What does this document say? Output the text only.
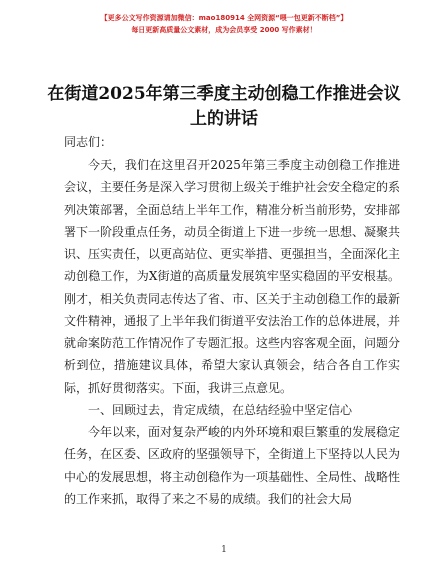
【更多公文写作资源请加微信：mao180914 全网资源“喂一包更新不断档”】
每日更新高质量公文素材，成为会员享受 2000 写作素材！
在街道2025年第三季度主动创稳工作推进会议上的讲话
同志们：

今天，我们在这里召开2025年第三季度主动创稳工作推进会议，主要任务是深入学习贯彻上级关于维护社会安全稳定的系列决策部署，全面总结上半年工作，精准分析当前形势，安排部署下一阶段重点任务，动员全街道上下进一步统一思想、凝聚共识、压实责任，以更高站位、更实举措、更强担当，全面深化主动创稳工作，为X街道的高质量发展筑牢坚实稳固的平安根基。刚才，相关负责同志传达了省、市、区关于主动创稳工作的最新文件精神，通报了上半年我们街道平安法治工作的总体进展，并就命案防范工作情况作了专题汇报。这些内容客观全面，问题分析到位，措施建议具体，希望大家认真领会，结合各自工作实际，抓好贯彻落实。下面，我讲三点意见。

一、回顾过去，肯定成绩，在总结经验中坚定信心

今年以来，面对复杂严峻的内外环境和艰巨繁重的发展稳定任务，在区委、区政府的坚强领导下，全街道上下坚持以人民为中心的发展思想，将主动创稳作为一项基础性、全局性、战略性的工作来抓，取得了来之不易的成绩。我们的社会大局

1
